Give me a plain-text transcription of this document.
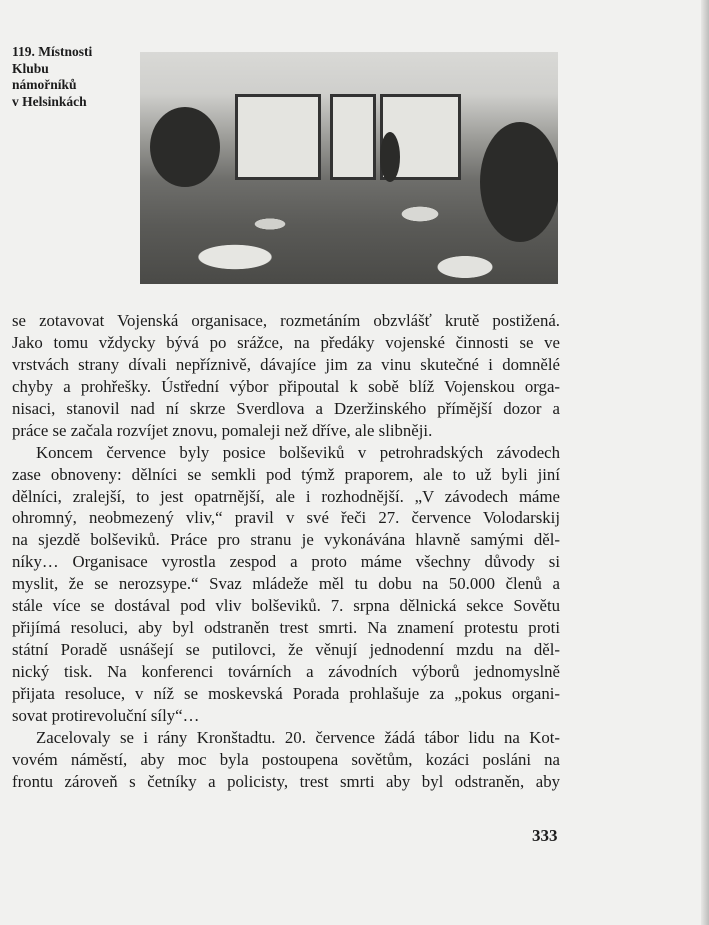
119. Místnosti
Klubu
námořníků
v Helsinkách
se zotavovat Vojenská organisace, rozmetáním obzvlášť krutě postižená.
Jako tomu vždycky bývá po srážce, na předáky vojenské činnosti se ve
vrstvách strany dívali nepříznivě, dávajíce jim za vinu skutečné i domnělé
chyby a prohřešky. Ústřední výbor připoutal k sobě blíž Vojenskou orga-
nisaci, stanovil nad ní skrze Sverdlova a Dzeržinského přímější dozor a
práce se začala rozvíjet znovu, pomaleji než dříve, ale slibněji.
Koncem července byly posice bolševiků v petrohradských závodech
zase obnoveny: dělníci se semkli pod týmž praporem, ale to už byli jiní
dělníci, zralejší, to jest opatrnější, ale i rozhodnější. „V závodech máme
ohromný, neobmezený vliv,“ pravil v své řeči 27. července Volodarskij
na sjezdě bolševiků. Práce pro stranu je vykonávána hlavně samými děl-
níky… Organisace vyrostla zespod a proto máme všechny důvody si
myslit, že se nerozsype.“ Svaz mládeže měl tu dobu na 50.000 členů a
stále více se dostával pod vliv bolševiků. 7. srpna dělnická sekce Sovětu
přijímá resoluci, aby byl odstraněn trest smrti. Na znamení protestu proti
státní Poradě usnášejí se putilovci, že věnují jednodenní mzdu na děl-
nický tisk. Na konferenci továrních a závodních výborů jednomyslně
přijata resoluce, v níž se moskevská Porada prohlašuje za „pokus organi-
sovat protirevoluční síly“…
Zacelovaly se i rány Kronštadtu. 20. července žádá tábor lidu na Kot-
vovém náměstí, aby moc byla postoupena sovětům, kozáci posláni na
frontu zároveň s četníky a policisty, trest smrti aby byl odstraněn, aby
333
